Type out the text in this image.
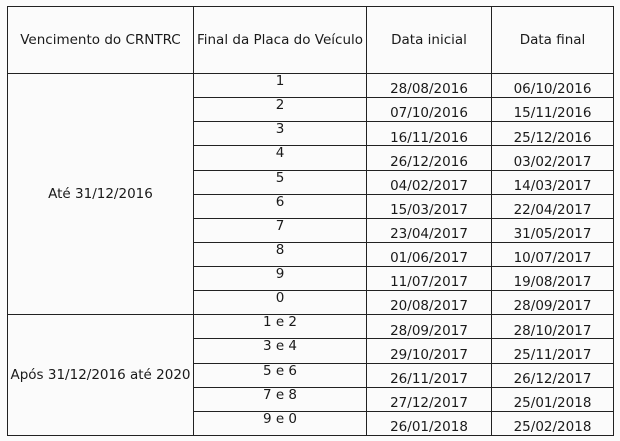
Vencimento do CRNTRC	Final da Placa do Veículo	Data inicial	Data final
Até 31/12/2016	1	28/08/2016	06/10/2016
	2	07/10/2016	15/11/2016
	3	16/11/2016	25/12/2016
	4	26/12/2016	03/02/2017
	5	04/02/2017	14/03/2017
	6	15/03/2017	22/04/2017
	7	23/04/2017	31/05/2017
	8	01/06/2017	10/07/2017
	9	11/07/2017	19/08/2017
	0	20/08/2017	28/09/2017
Após 31/12/2016 até 2020	1 e 2	28/09/2017	28/10/2017
	3 e 4	29/10/2017	25/11/2017
	5 e 6	26/11/2017	26/12/2017
	7 e 8	27/12/2017	25/01/2018
	9 e 0	26/01/2018	25/02/2018
